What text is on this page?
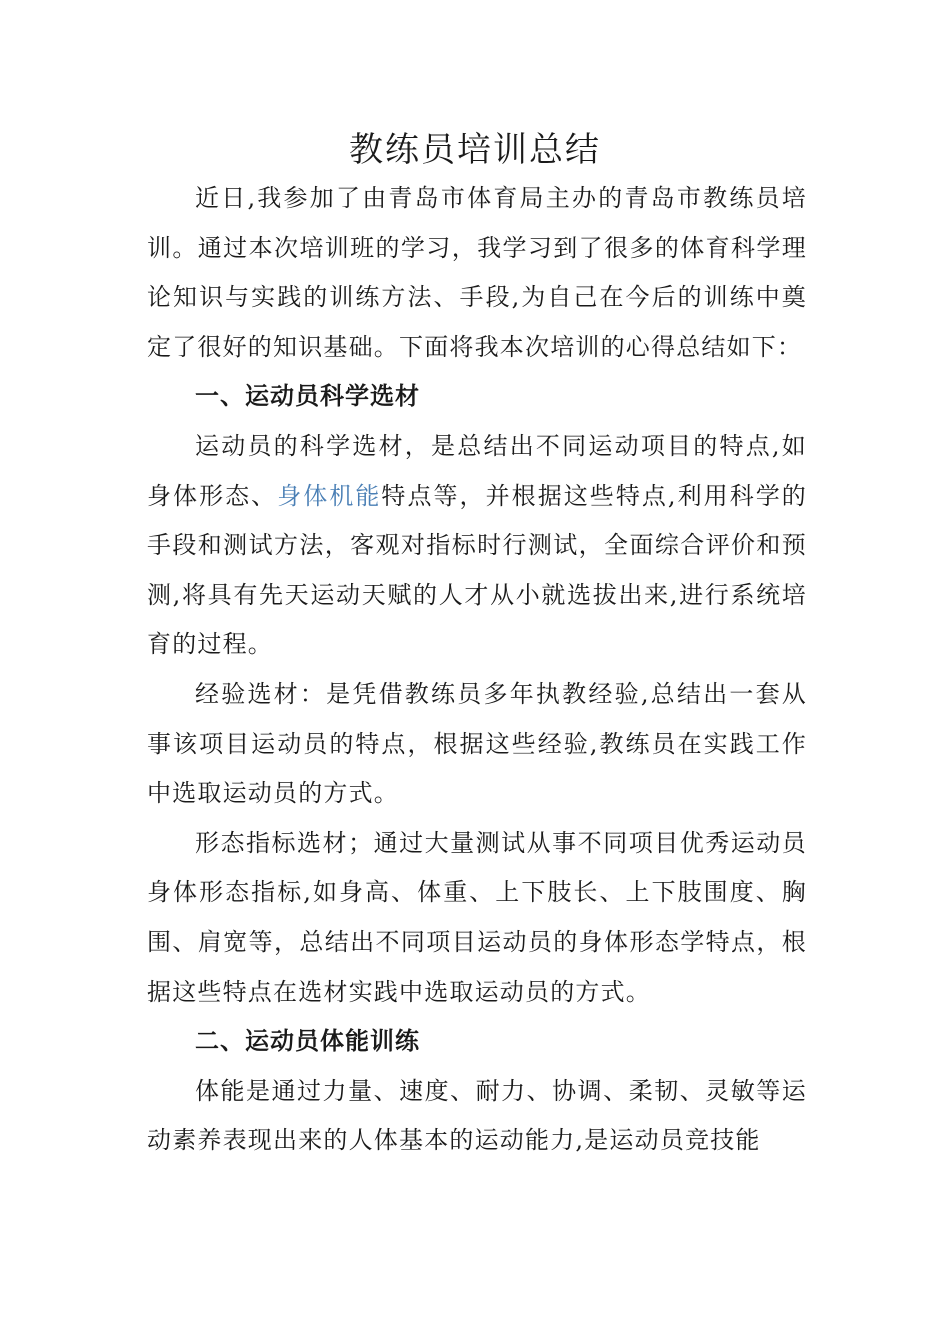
教练员培训总结

近日,我参加了由青岛市体育局主办的青岛市教练员培训。通过本次培训班的学习，我学习到了很多的体育科学理论知识与实践的训练方法、手段,为自己在今后的训练中奠定了很好的知识基础。下面将我本次培训的心得总结如下：

一、运动员科学选材

运动员的科学选材，是总结出不同运动项目的特点,如身体形态、身体机能特点等，并根据这些特点,利用科学的手段和测试方法，客观对指标时行测试，全面综合评价和预测,将具有先天运动天赋的人才从小就选拔出来,进行系统培育的过程。

经验选材：是凭借教练员多年执教经验,总结出一套从事该项目运动员的特点，根据这些经验,教练员在实践工作中选取运动员的方式。

形态指标选材；通过大量测试从事不同项目优秀运动员身体形态指标,如身高、体重、上下肢长、上下肢围度、胸围、肩宽等，总结出不同项目运动员的身体形态学特点，根据这些特点在选材实践中选取运动员的方式。

二、运动员体能训练

体能是通过力量、速度、耐力、协调、柔韧、灵敏等运动素养表现出来的人体基本的运动能力,是运动员竞技能
